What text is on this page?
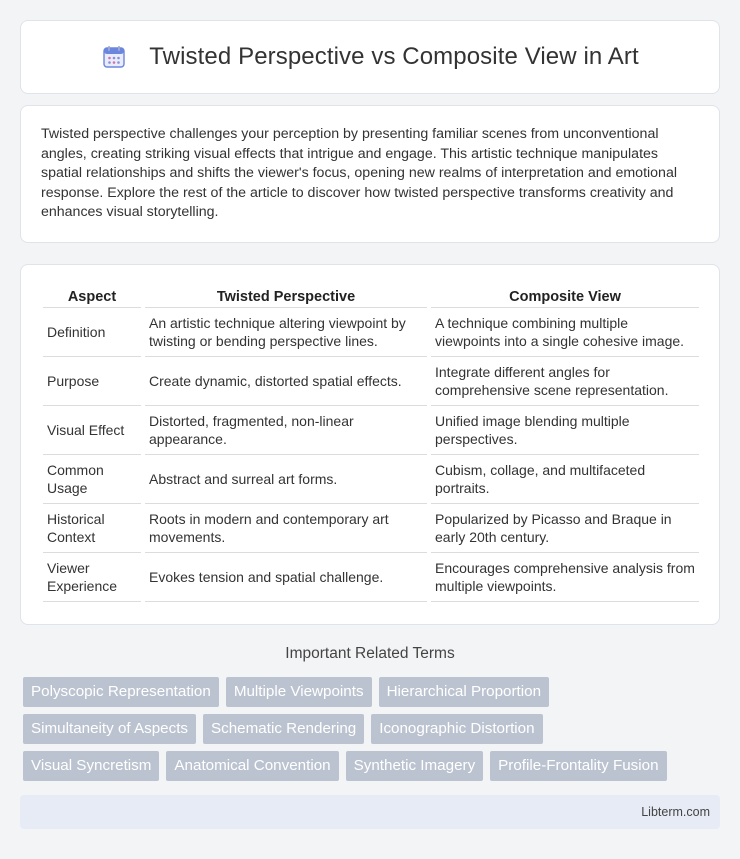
Twisted Perspective vs Composite View in Art

Twisted perspective challenges your perception by presenting familiar scenes from unconventional angles, creating striking visual effects that intrigue and engage. This artistic technique manipulates spatial relationships and shifts the viewer's focus, opening new realms of interpretation and emotional response. Explore the rest of the article to discover how twisted perspective transforms creativity and enhances visual storytelling.

Aspect	Twisted Perspective	Composite View
Definition	An artistic technique altering viewpoint by twisting or bending perspective lines.	A technique combining multiple viewpoints into a single cohesive image.
Purpose	Create dynamic, distorted spatial effects.	Integrate different angles for comprehensive scene representation.
Visual Effect	Distorted, fragmented, non-linear appearance.	Unified image blending multiple perspectives.
Common Usage	Abstract and surreal art forms.	Cubism, collage, and multifaceted portraits.
Historical Context	Roots in modern and contemporary art movements.	Popularized by Picasso and Braque in early 20th century.
Viewer Experience	Evokes tension and spatial challenge.	Encourages comprehensive analysis from multiple viewpoints.
Important Related Terms
Polyscopic Representation	Multiple Viewpoints	Hierarchical Proportion
Simultaneity of Aspects	Schematic Rendering	Iconographic Distortion
Visual Syncretism	Anatomical Convention	Synthetic Imagery	Profile-Frontality Fusion
Libterm.com
